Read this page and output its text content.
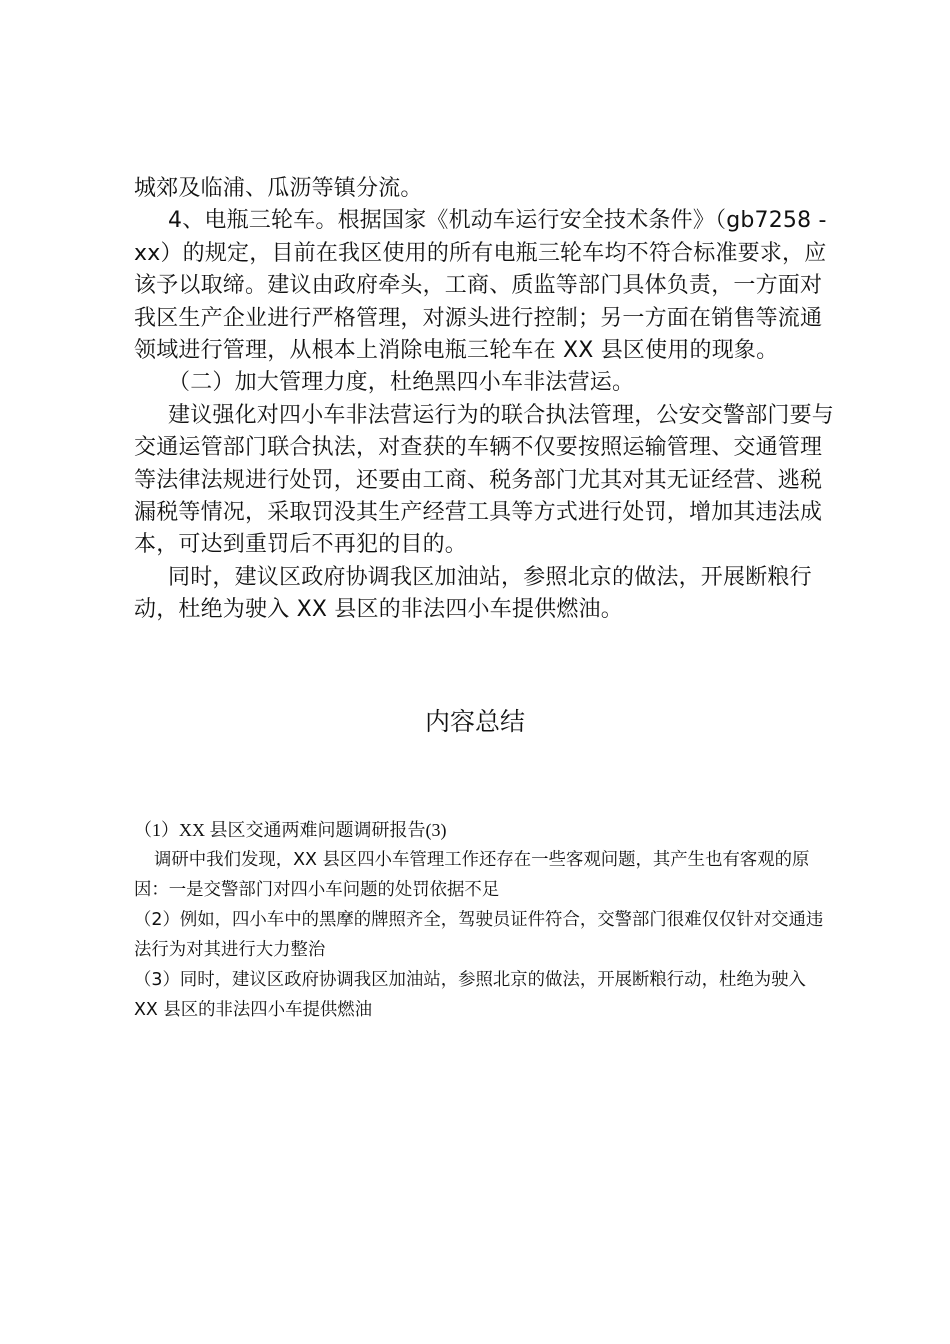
城郊及临浦、瓜沥等镇分流。

4、电瓶三轮车。根据国家《机动车运行安全技术条件》（gb7258 - xx）的规定，目前在我区使用的所有电瓶三轮车均不符合标准要求，应该予以取缔。建议由政府牵头，工商、质监等部门具体负责，一方面对我区生产企业进行严格管理，对源头进行控制；另一方面在销售等流通领域进行管理，从根本上消除电瓶三轮车在 XX 县区使用的现象。

（二）加大管理力度，杜绝黑四小车非法营运。

建议强化对四小车非法营运行为的联合执法管理，公安交警部门要与交通运管部门联合执法，对查获的车辆不仅要按照运输管理、交通管理等法律法规进行处罚，还要由工商、税务部门尤其对其无证经营、逃税漏税等情况，采取罚没其生产经营工具等方式进行处罚，增加其违法成本，可达到重罚后不再犯的目的。

同时，建议区政府协调我区加油站，参照北京的做法，开展断粮行动，杜绝为驶入 XX 县区的非法四小车提供燃油。

内容总结

（1）XX 县区交通两难问题调研报告(3)

调研中我们发现，XX 县区四小车管理工作还存在一些客观问题，其产生也有客观的原因：一是交警部门对四小车问题的处罚依据不足

（2）例如，四小车中的黑摩的牌照齐全，驾驶员证件符合，交警部门很难仅仅针对交通违法行为对其进行大力整治

（3）同时，建议区政府协调我区加油站，参照北京的做法，开展断粮行动，杜绝为驶入 XX 县区的非法四小车提供燃油
